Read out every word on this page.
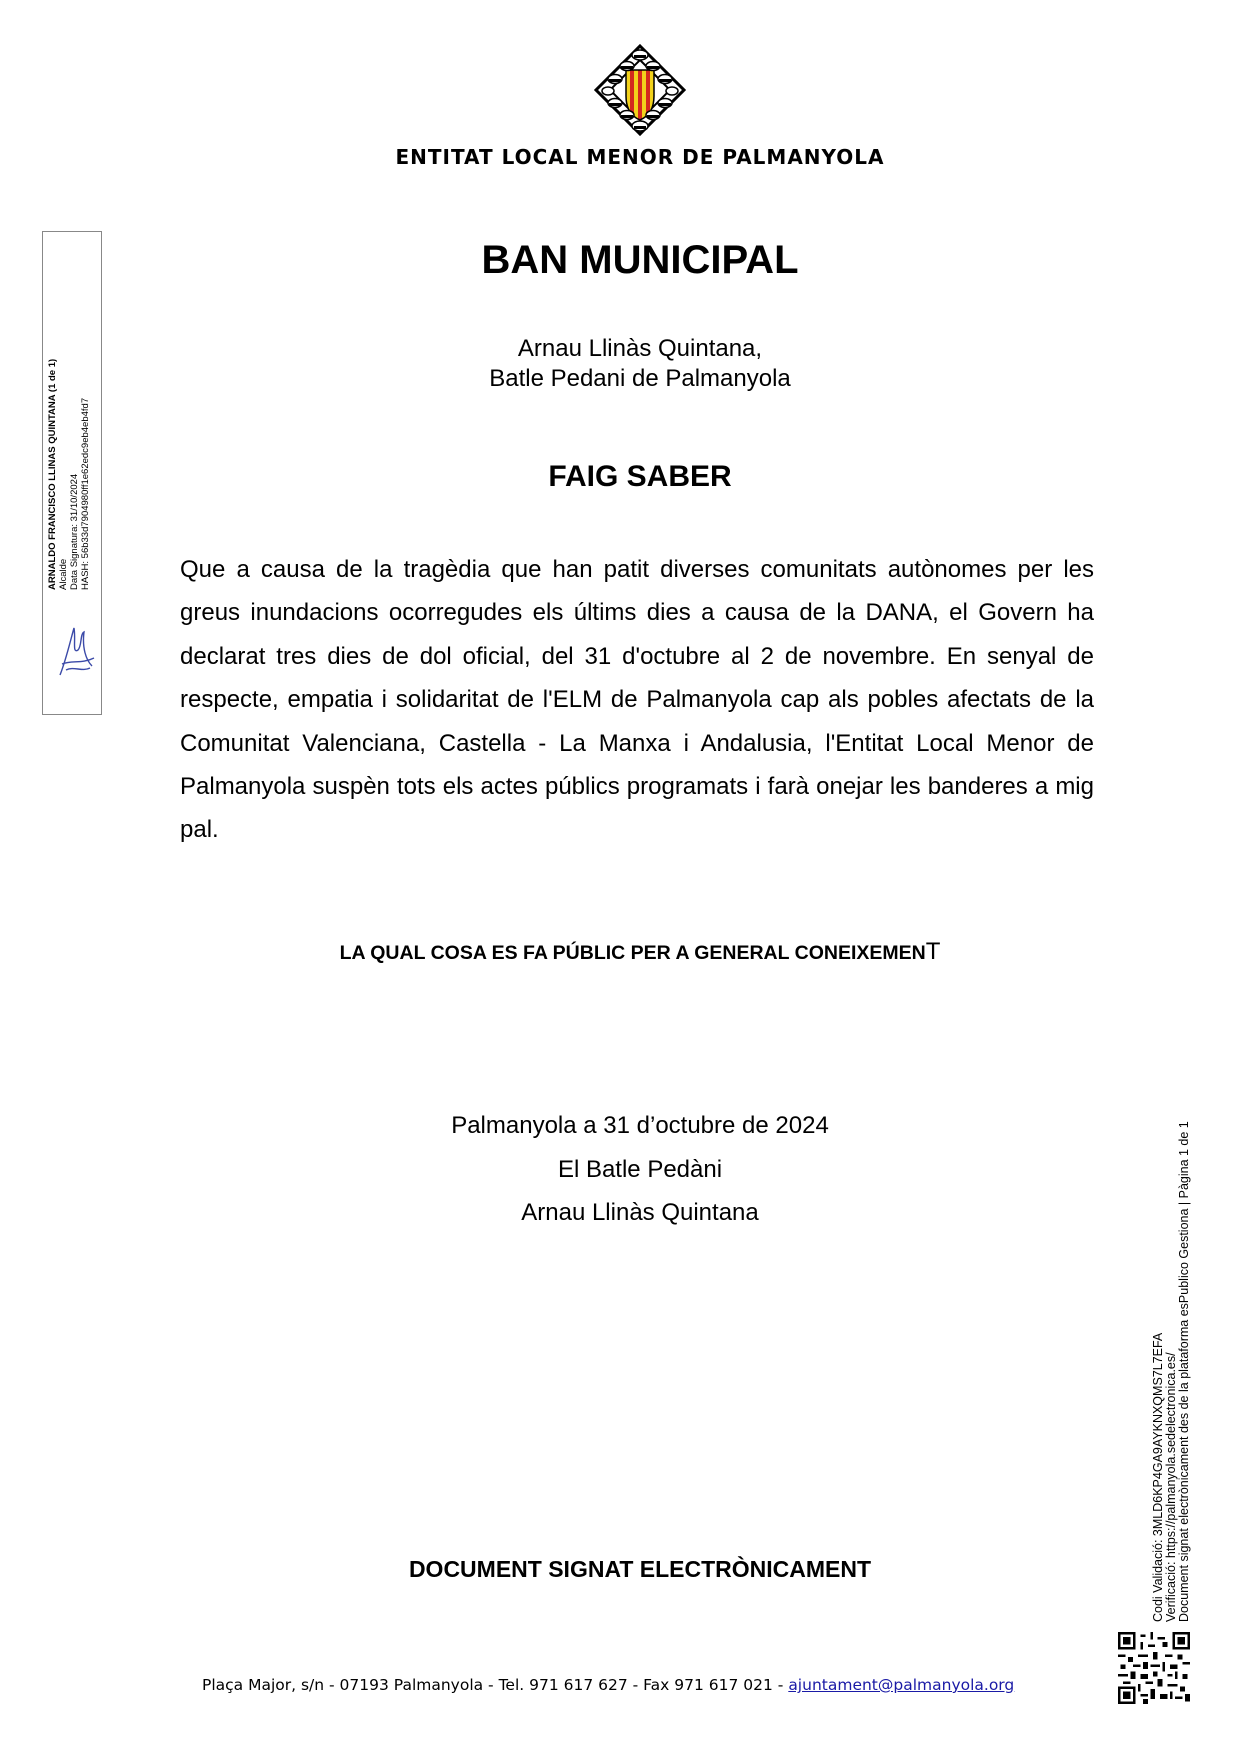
ENTITAT LOCAL MENOR DE PALMANYOLA
ARNALDO FRANCISCO LLINAS QUINTANA (1 de 1) Alcalde Data Signatura: 31/10/2024 HASH: 56b33d7904980ff1e62edc9eb4eb4fd7
BAN MUNICIPAL
Arnau Llinàs Quintana,
Batle Pedani de Palmanyola
FAIG SABER
Que a causa de la tragèdia que han patit diverses comunitats autònomes per les greus inundacions ocorregudes els últims dies a causa de la DANA, el Govern ha declarat tres dies de dol oficial, del 31 d'octubre al 2 de novembre. En senyal de respecte, empatia i solidaritat de l'ELM de Palmanyola cap als pobles afectats de la Comunitat Valenciana, Castella - La Manxa i Andalusia, l'Entitat Local Menor de Palmanyola suspèn tots els actes públics programats i farà onejar les banderes a mig pal.
LA QUAL COSA ES FA PÚBLIC PER A GENERAL CONEIXEMENT
Palmanyola a 31 d’octubre de 2024
El Batle Pedàni
Arnau Llinàs Quintana
DOCUMENT SIGNAT ELECTRÒNICAMENT
Plaça Major, s/n - 07193 Palmanyola - Tel. 971 617 627 - Fax 971 617 021 - ajuntament@palmanyola.org
Codi Validació: 3MLD6KP4GA9AYKNXQMS7L7EFA Verificació: https://palmanyola.sedelectronica.es/ Document signat electrònicament des de la plataforma esPublico Gestiona | Pàgina 1 de 1
